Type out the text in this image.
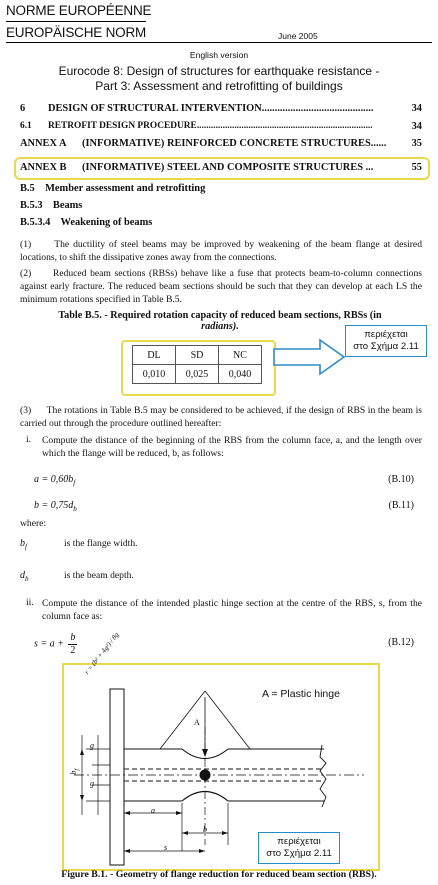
NORME EUROPÉENNE
EUROPÄISCHE NORM	June 2005
English version
Eurocode 8: Design of structures for earthquake resistance -
Part 3: Assessment and retrofitting of buildings
6 DESIGN OF STRUCTURAL INTERVENTION...........................................	34
6.1 RETROFIT DESIGN PROCEDURE...........................................................................	34
ANNEX A (INFORMATIVE) REINFORCED CONCRETE STRUCTURES...... 35
ANNEX B (INFORMATIVE) STEEL AND COMPOSITE STRUCTURES ...	55
B.5    Member assessment and retrofitting
B.5.3    Beams
B.5.3.4    Weakening of beams
(1)      The ductility of steel beams may be improved by weakening of the beam flange at desired locations, to shift the dissipative zones away from the connections.
(2)      Reduced beam sections (RBSs) behave like a fuse that protects beam-to-column connections against early fracture. The reduced beam sections should be such that they can develop at each LS the minimum rotations specified in Table B.5.
Table B.5. - Required rotation capacity of reduced beam sections, RBSs (in
radians).
DL	SD	NC
0,010	0,025	0,040
περιέχεται
στο Σχήμα 2.11
(3)      The rotations in Table B.5 may be considered to be achieved, if the design of RBS in the beam is carried out through the procedure outlined hereafter:
i. Compute the distance of the beginning of the RBS from the column face, a, and the length over which the flange will be reduced, b, as follows:
$a = 0,60b_f$	(B.10)
$b = 0,75d_b$	(B.11)
where:
$b_f$	is the flange width.
$d_b$	is the beam depth.
ii. Compute the distance of the intended plastic hinge section at the centre of the RBS, s, from the column face as:
$s = a + \frac{b}{2}$	(B.12)
r = (b² + 4g²) / 8g
A
A = Plastic hinge
g
g
$b_f$
a
b
s
περιέχεται
στο Σχήμα 2.11
Figure B.1. - Geometry of flange reduction for reduced beam section (RBS).
